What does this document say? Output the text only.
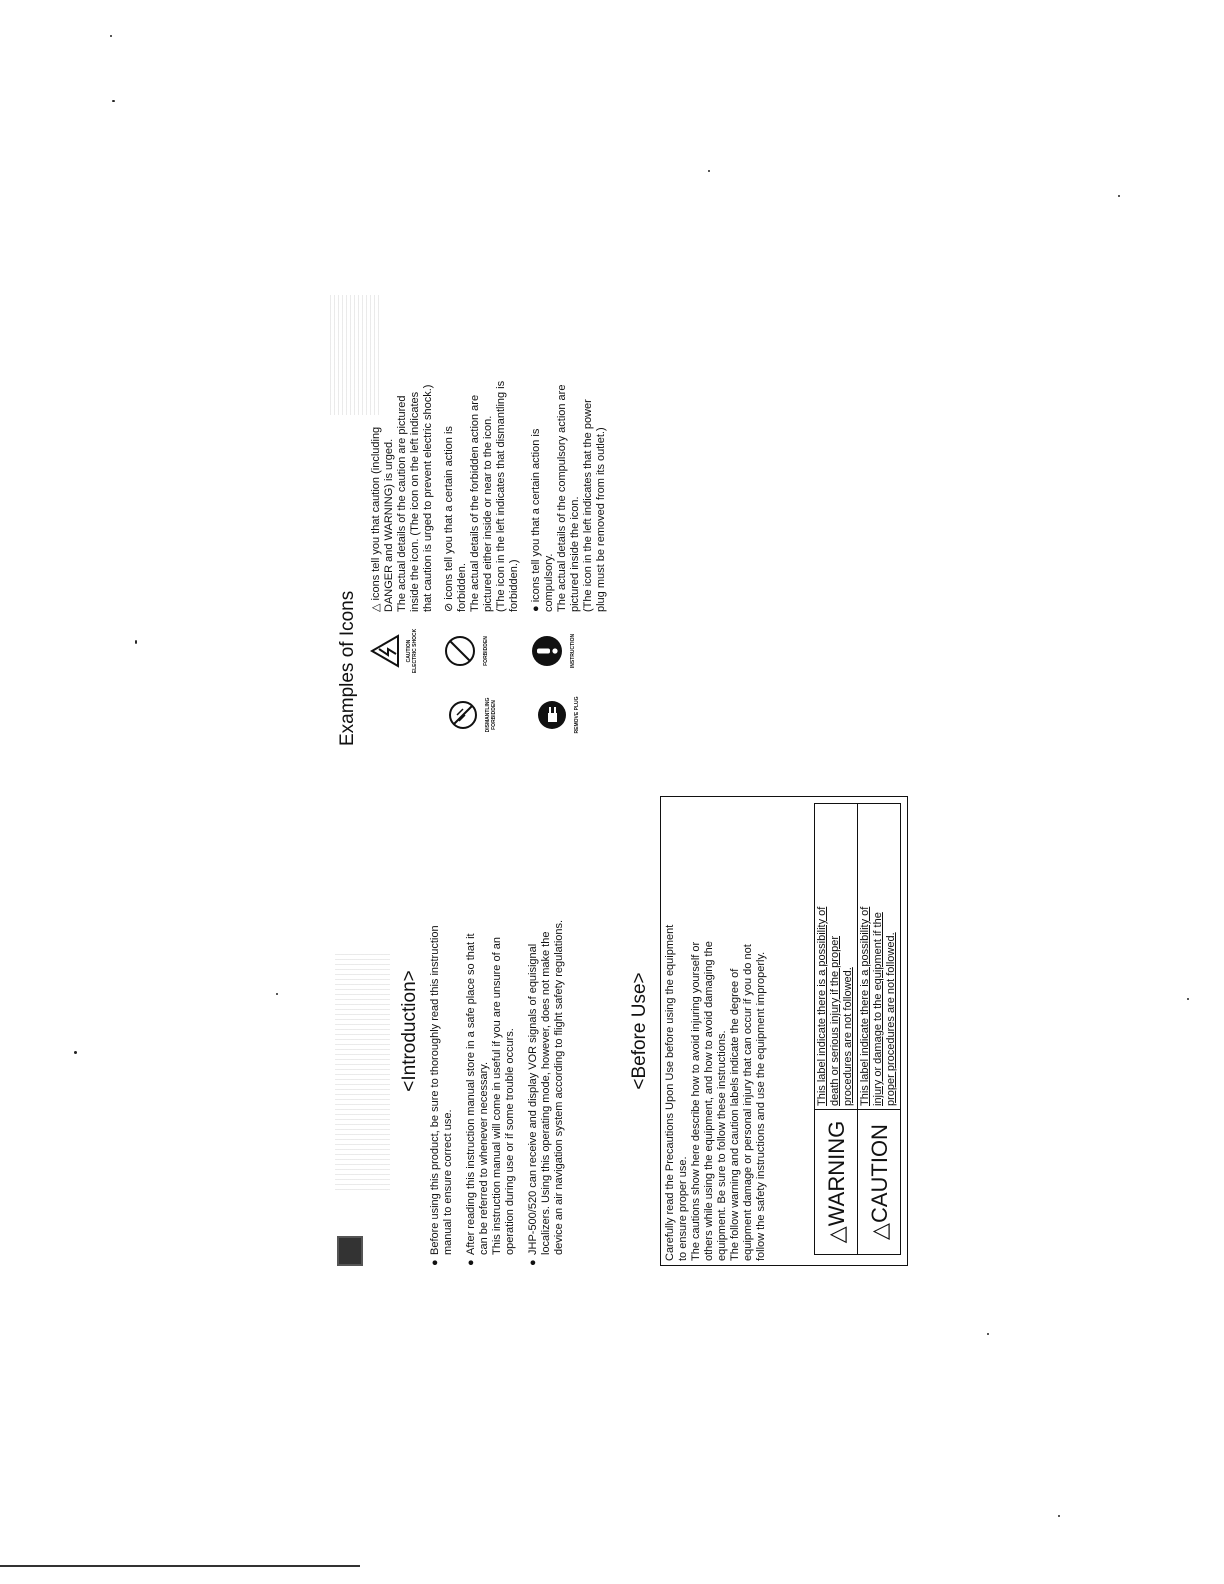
<Introduction>
●
Before using this product, be sure to thoroughly read this instruction
manual to ensure correct use.
●
After reading this instruction manual store in a safe place so that it
can be referred to whenever necessary.
This instruction manual will come in useful if you are unsure of an
operation during use or if some trouble occurs.
●
JHP-500/520 can receive and display VOR signals of equisignal
localizers. Using this operating mode, however, does not make the
device an air navigation system according to flight safety regulations.
<Before Use>
Carefully read the Precautions Upon Use before using the equipment
to ensure proper use.
The cautions show here describe how to avoid injuring yourself or
others while using the equipment, and how to avoid damaging the
equipment. Be sure to follow these instructions.
The follow warning and caution labels indicate the degree of
equipment damage or personal injury that can occur if you do not
follow the safety instructions and use the equipment improperly.
△WARNING	This label indicate there is a possibility of
death or serious injury if the proper
procedures are not followed.
△CAUTION	This label indicate there is a possibility of
injury or damage to the equipment if the
proper procedures are not followed.
Examples of Icons	CAUTION
ELECTRIC SHOCK
△ icons tell you that caution (including
DANGER and WARNING) is urged.
The actual details of the caution are pictured
inside the icon. (The icon on the left indicates
that caution is urged to prevent electric shock.)
DISMANTLING
FORBIDDEN
FORBIDDEN
⊘ icons tell you that a certain action is
forbidden.
The actual details of the forbidden action are
pictured either inside or near to the icon.
(The icon in the left indicates that dismantling is
forbidden.)
REMOVE PLUG
INSTRUCTION
● icons tell you that a certain action is
compulsory.
The actual details of the compulsory action are
pictured inside the icon.
(The icon in the left indicates that the power
plug must be removed from its outlet.)
